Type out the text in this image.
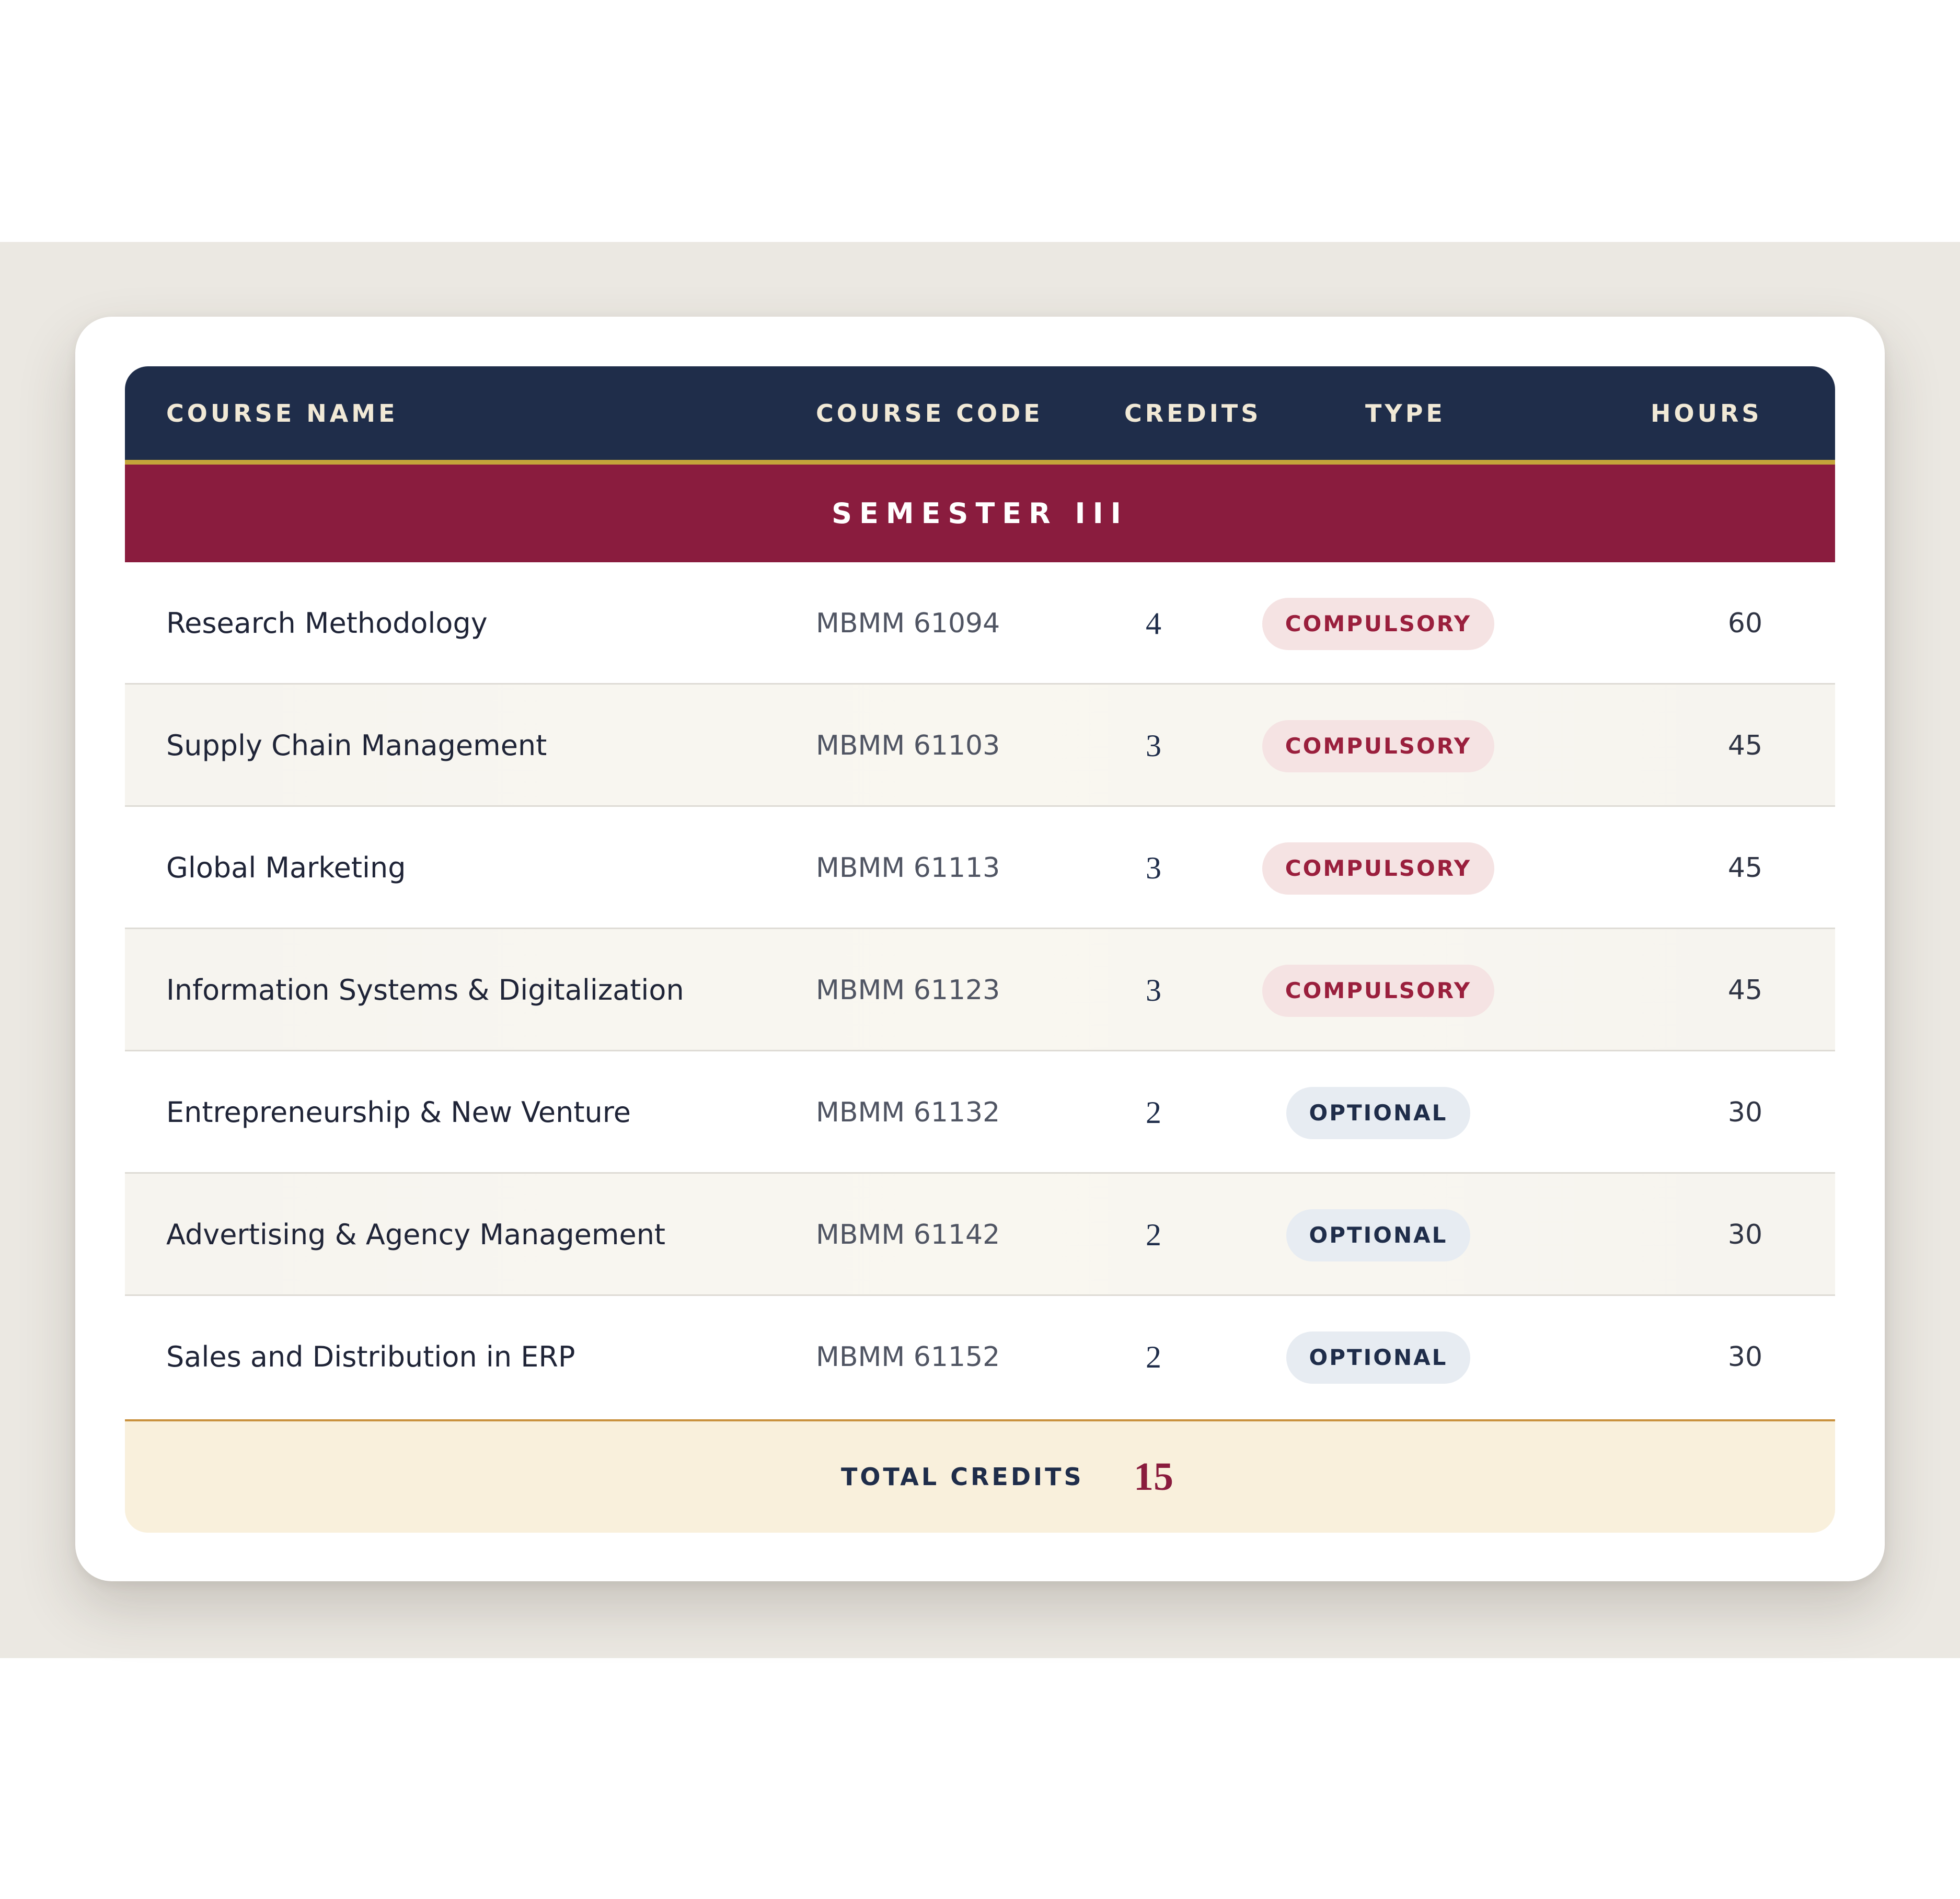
COURSE NAME	COURSE CODE	CREDITS	TYPE	HOURS
SEMESTER III
Research Methodology	MBMM 61094	4	COMPULSORY	60
Supply Chain Management	MBMM 61103	3	COMPULSORY	45
Global Marketing	MBMM 61113	3	COMPULSORY	45
Information Systems & Digitalization	MBMM 61123	3	COMPULSORY	45
Entrepreneurship & New Venture	MBMM 61132	2	OPTIONAL	30
Advertising & Agency Management	MBMM 61142	2	OPTIONAL	30
Sales and Distribution in ERP	MBMM 61152	2	OPTIONAL	30
TOTAL CREDITS 15
